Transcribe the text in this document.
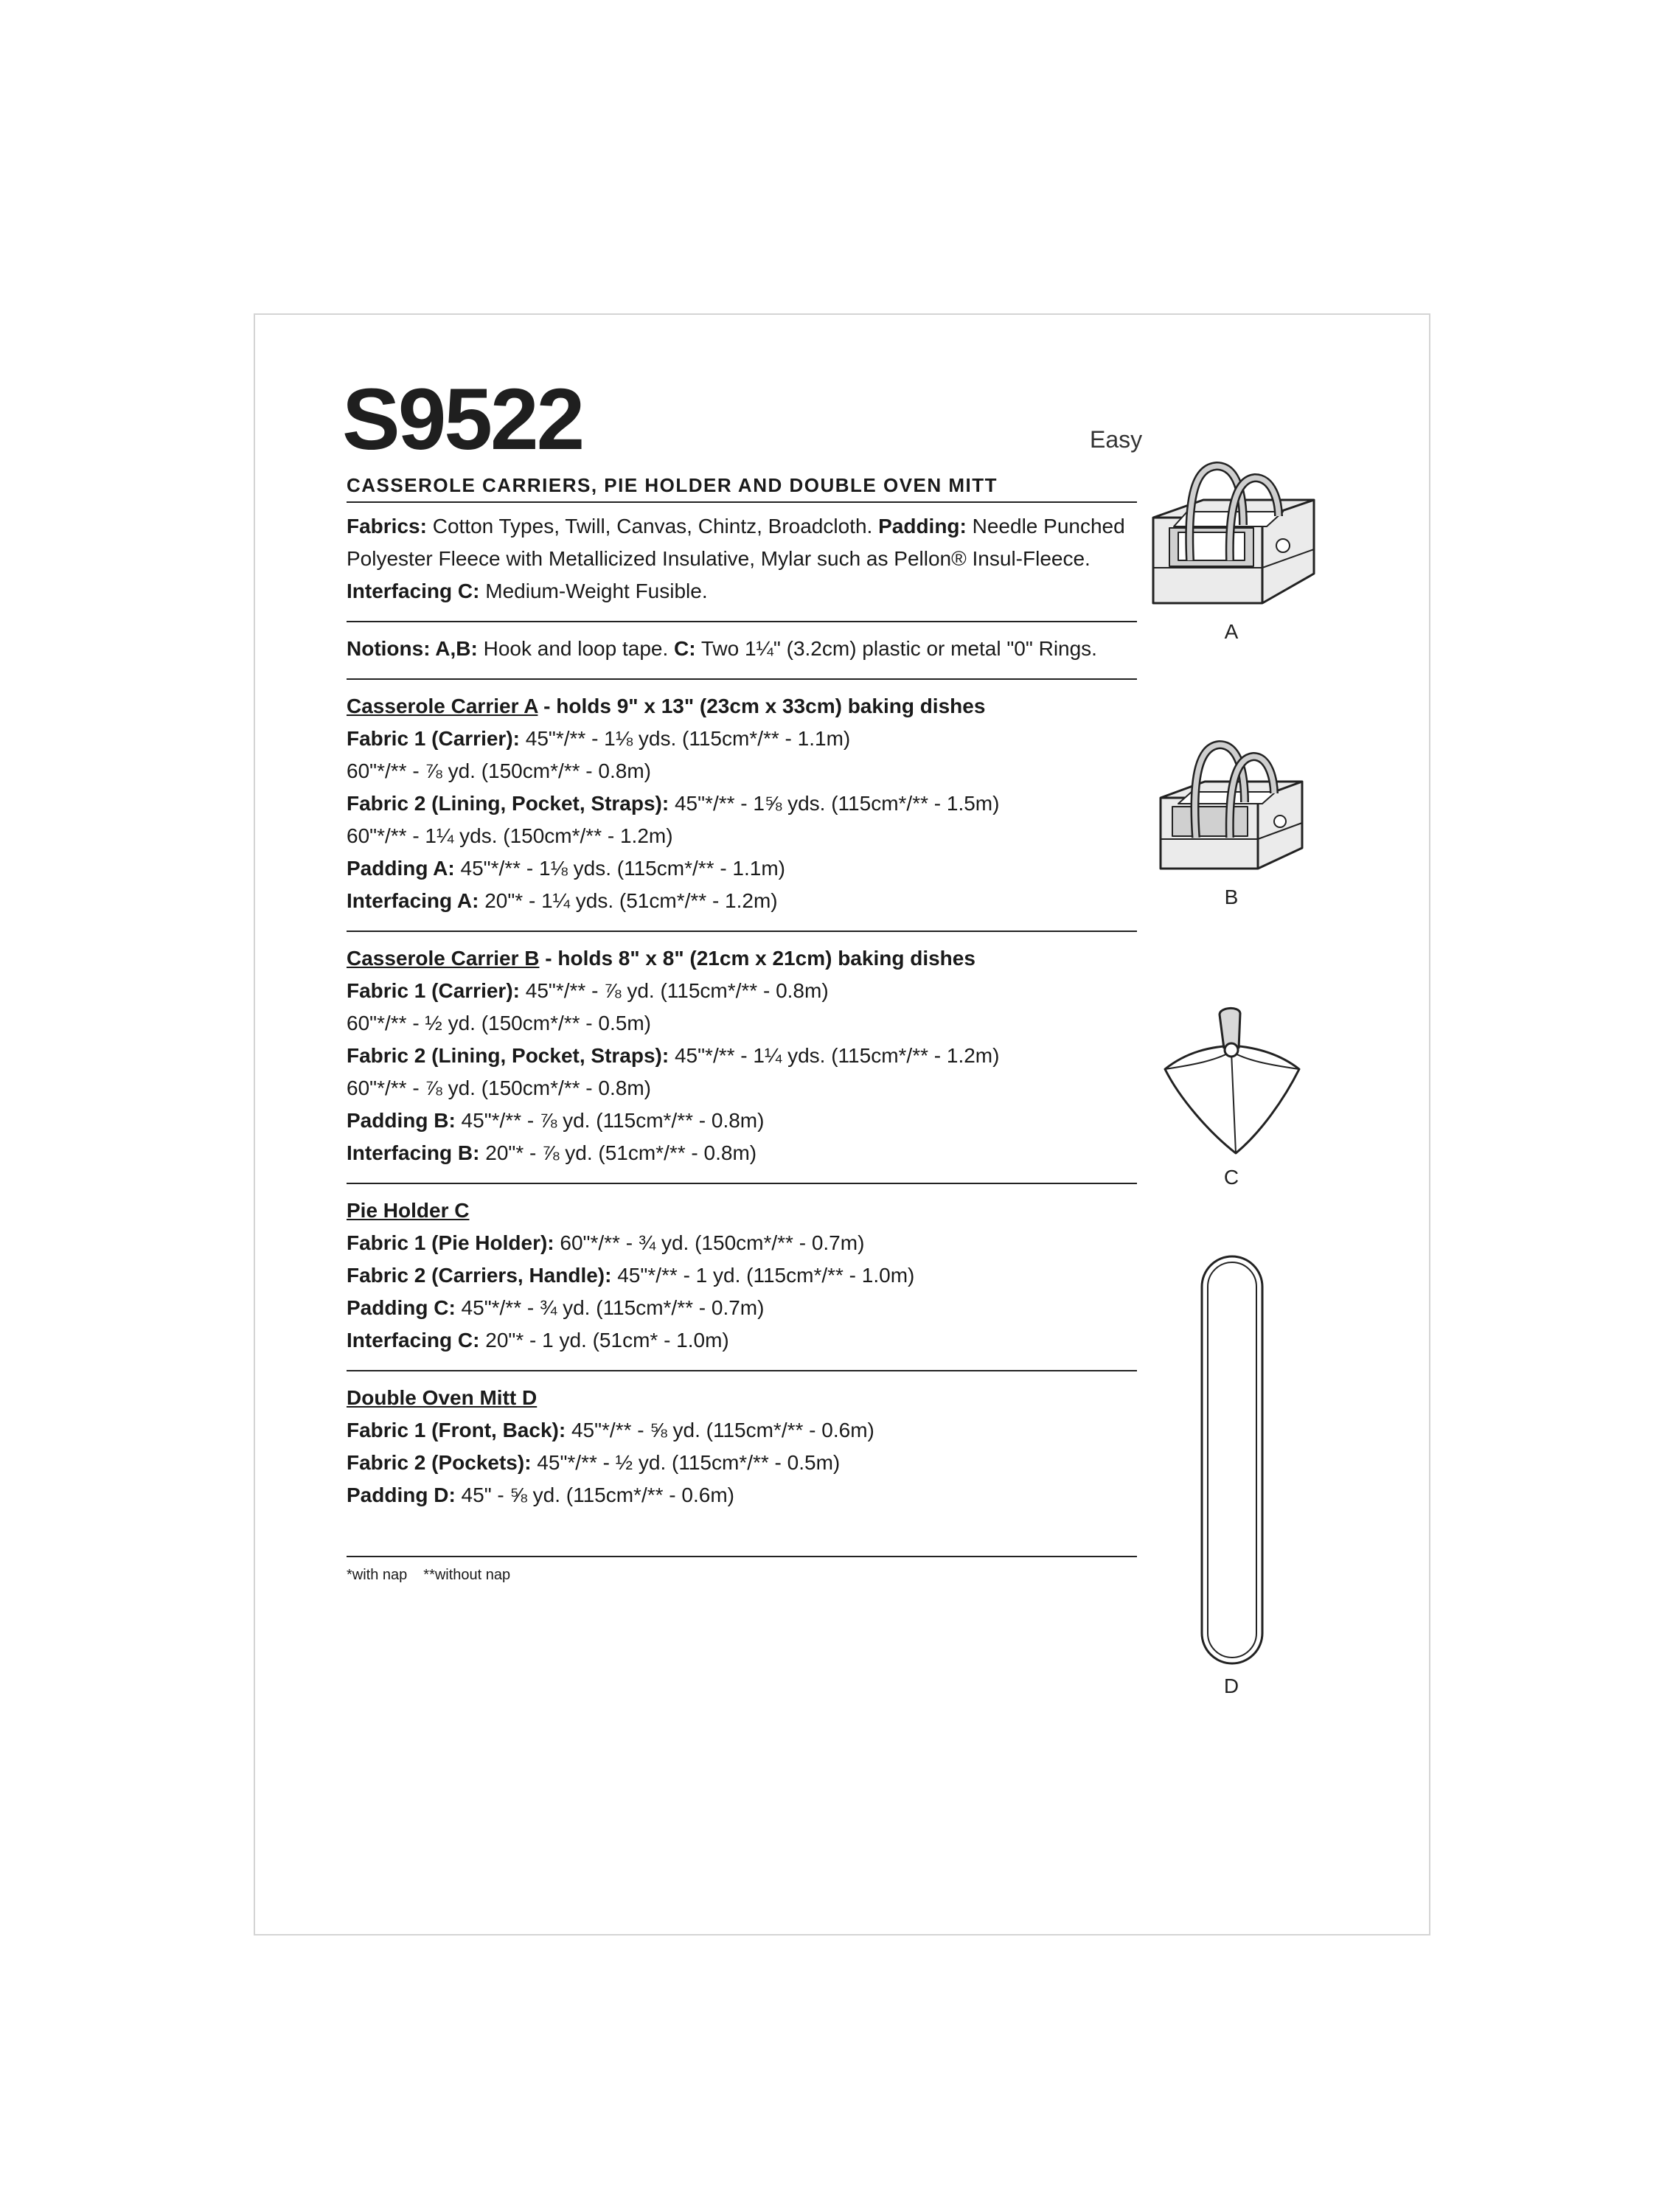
S9522	Easy
CASSEROLE CARRIERS, PIE HOLDER AND DOUBLE OVEN MITT
Fabrics: Cotton Types, Twill, Canvas, Chintz, Broadcloth. Padding: Needle Punched
Polyester Fleece with Metallicized Insulative, Mylar such as Pellon® Insul-Fleece.
Interfacing C: Medium-Weight Fusible.
Notions: A,B: Hook and loop tape. C: Two 1¼" (3.2cm) plastic or metal "0" Rings.
Casserole Carrier A - holds 9" x 13" (23cm x 33cm) baking dishes
Fabric 1 (Carrier): 45"*/** - 1⅛ yds. (115cm*/** - 1.1m)
60"*/** - ⅞ yd. (150cm*/** - 0.8m)
Fabric 2 (Lining, Pocket, Straps): 45"*/** - 1⅝ yds. (115cm*/** - 1.5m)
60"*/** - 1¼ yds. (150cm*/** - 1.2m)
Padding A: 45"*/** - 1⅛ yds. (115cm*/** - 1.1m)
Interfacing A: 20"* - 1¼ yds. (51cm*/** - 1.2m)
Casserole Carrier B - holds 8" x 8" (21cm x 21cm) baking dishes
Fabric 1 (Carrier): 45"*/** - ⅞ yd. (115cm*/** - 0.8m)
60"*/** - ½ yd. (150cm*/** - 0.5m)
Fabric 2 (Lining, Pocket, Straps): 45"*/** - 1¼ yds. (115cm*/** - 1.2m)
60"*/** - ⅞ yd. (150cm*/** - 0.8m)
Padding B: 45"*/** - ⅞ yd. (115cm*/** - 0.8m)
Interfacing B: 20"* - ⅞ yd. (51cm*/** - 0.8m)
Pie Holder C
Fabric 1 (Pie Holder): 60"*/** - ¾ yd. (150cm*/** - 0.7m)
Fabric 2 (Carriers, Handle): 45"*/** - 1 yd. (115cm*/** - 1.0m)
Padding C: 45"*/** - ¾ yd. (115cm*/** - 0.7m)
Interfacing C: 20"* - 1 yd. (51cm* - 1.0m)
Double Oven Mitt D
Fabric 1 (Front, Back): 45"*/** - ⅝ yd. (115cm*/** - 0.6m)
Fabric 2 (Pockets): 45"*/** - ½ yd. (115cm*/** - 0.5m)
Padding D: 45" - ⅝ yd. (115cm*/** - 0.6m)
*with nap **without nap
A
B
C
D
